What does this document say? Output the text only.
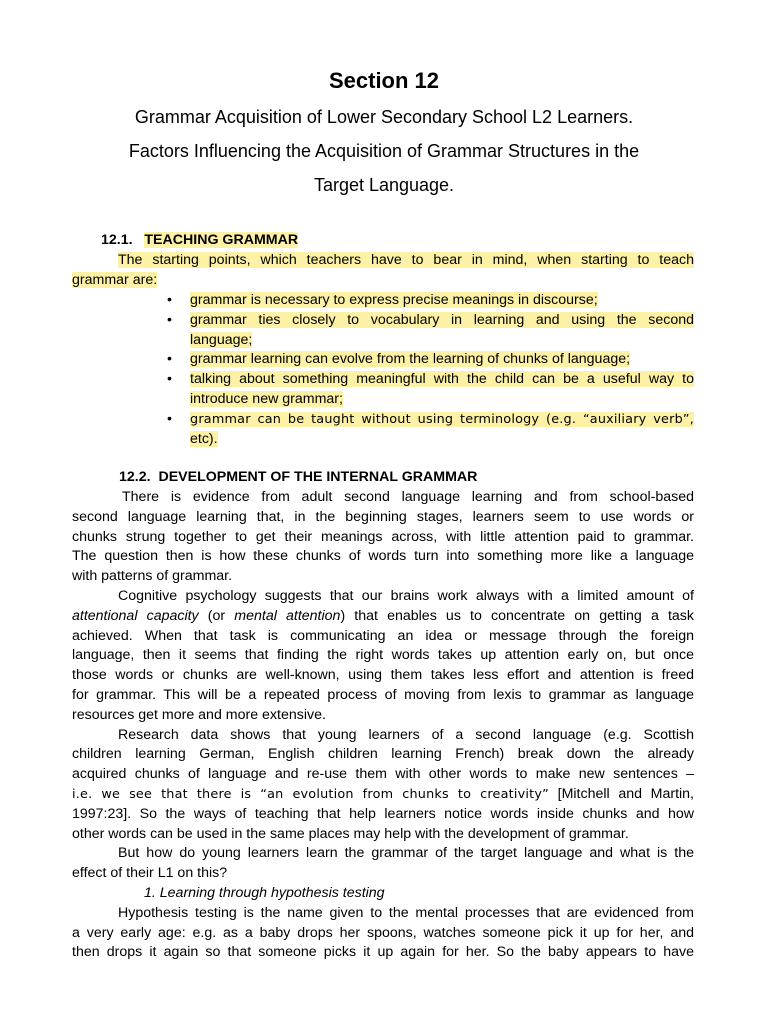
Section 12
Grammar Acquisition of Lower Secondary School L2 Learners.
Factors Influencing the Acquisition of Grammar Structures in the
Target Language.
12.1. TEACHING GRAMMAR
The starting points, which teachers have to bear in mind, when starting to teach
grammar are:
• grammar is necessary to express precise meanings in discourse;
• grammar ties closely to vocabulary in learning and using the second
language;
• grammar learning can evolve from the learning of chunks of language;
• talking about something meaningful with the child can be a useful way to
introduce new grammar;
• grammar can be taught without using terminology (e.g. “auxiliary verb”,
etc).
12.2. DEVELOPMENT OF THE INTERNAL GRAMMAR
There is evidence from adult second language learning and from school-based
second language learning that, in the beginning stages, learners seem to use words or
chunks strung together to get their meanings across, with little attention paid to grammar.
The question then is how these chunks of words turn into something more like a language
with patterns of grammar.
Cognitive psychology suggests that our brains work always with a limited amount of
attentional capacity (or mental attention) that enables us to concentrate on getting a task
achieved. When that task is communicating an idea or message through the foreign
language, then it seems that finding the right words takes up attention early on, but once
those words or chunks are well-known, using them takes less effort and attention is freed
for grammar. This will be a repeated process of moving from lexis to grammar as language
resources get more and more extensive.
Research data shows that young learners of a second language (e.g. Scottish
children learning German, English children learning French) break down the already
acquired chunks of language and re-use them with other words to make new sentences –
i.e. we see that there is “an evolution from chunks to creativity” [Mitchell and Martin,
1997:23]. So the ways of teaching that help learners notice words inside chunks and how
other words can be used in the same places may help with the development of grammar.
But how do young learners learn the grammar of the target language and what is the
effect of their L1 on this?
1. Learning through hypothesis testing
Hypothesis testing is the name given to the mental processes that are evidenced from
a very early age: e.g. as a baby drops her spoons, watches someone pick it up for her, and
then drops it again so that someone picks it up again for her. So the baby appears to have
